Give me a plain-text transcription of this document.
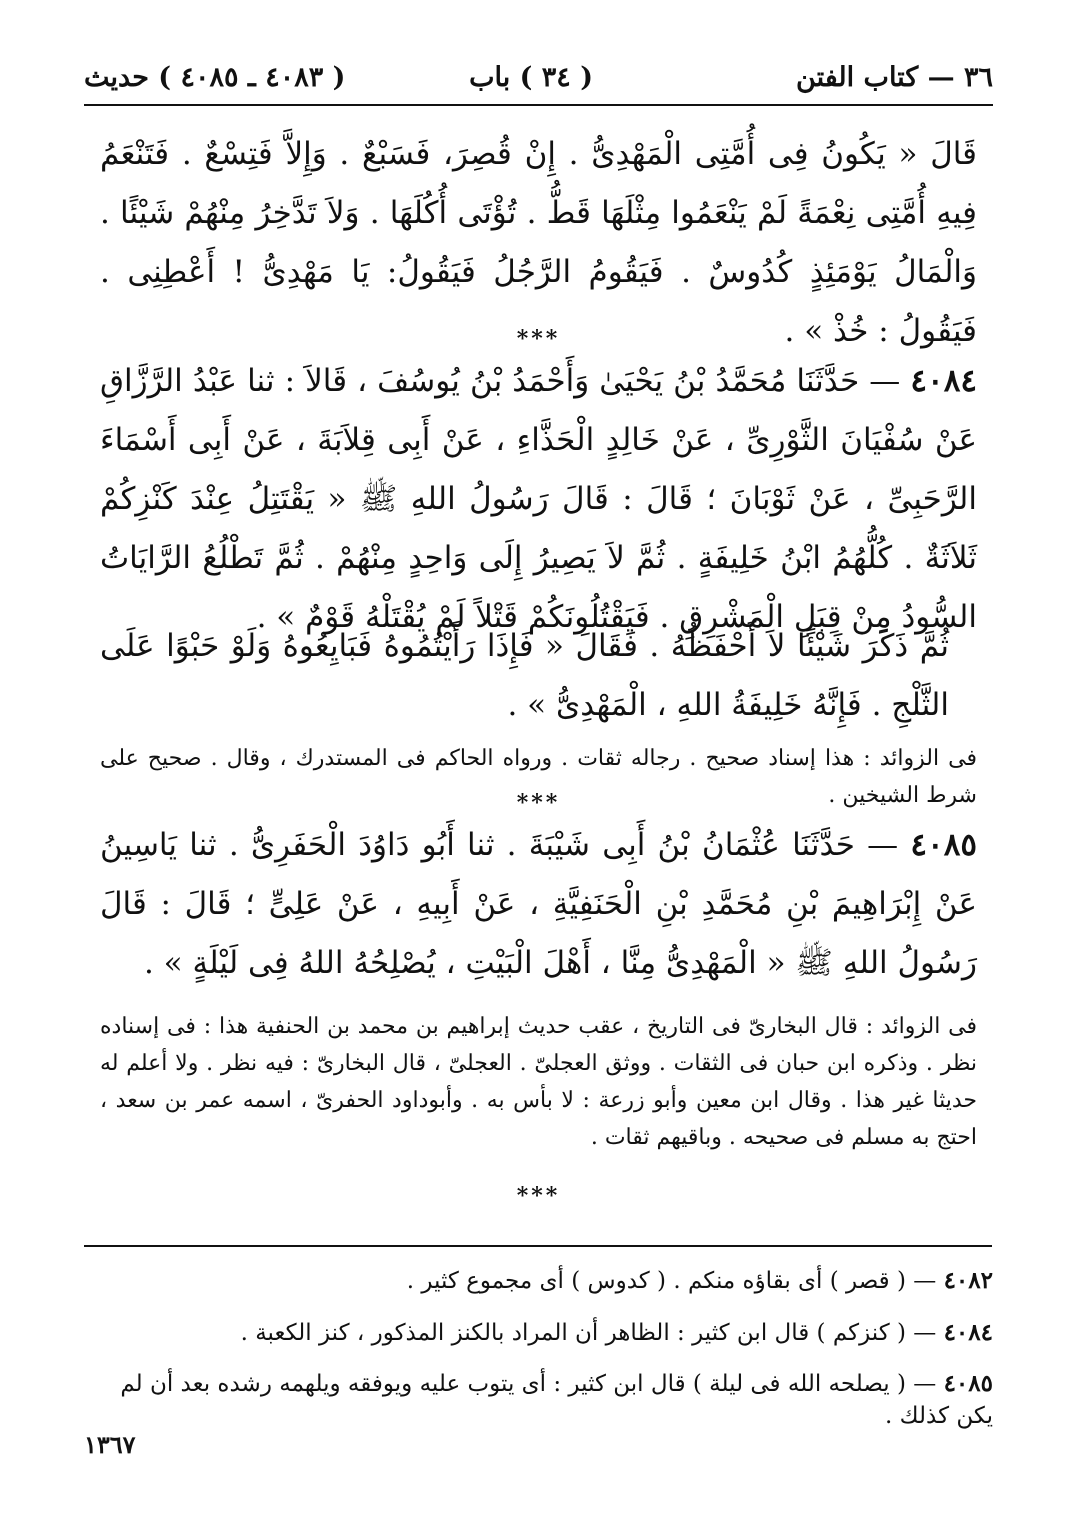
٣٦ — كتاب الفتن
( ٣٤ ) باب
( ٤٠٨٣ ـ ٤٠٨٥ ) حديث
قَالَ « يَكُونُ فِى أُمَّتِى الْمَهْدِىُّ . إِنْ قُصِرَ، فَسَبْعٌ . وَإِلاَّ فَتِسْعٌ . فَتَنْعَمُ فِيهِ أُمَّتِى نِعْمَةً لَمْ يَنْعَمُوا مِثْلَهَا قَطُّ . تُؤْتَى أُكُلَهَا . وَلاَ تَدَّخِرُ مِنْهُمْ شَيْئًا . وَالْمَالُ يَوْمَئِذٍ كُدُوسٌ . فَيَقُومُ الرَّجُلُ فَيَقُولُ: يَا مَهْدِىُّ ! أَعْطِنِى . فَيَقُولُ : خُذْ » .
***
٤٠٨٤ — حَدَّثَنَا مُحَمَّدُ بْنُ يَحْيَىٰ وَأَحْمَدُ بْنُ يُوسُفَ ، قَالاَ : ثنا عَبْدُ الرَّزَّاقِ عَنْ سُفْيَانَ الثَّوْرِىِّ ، عَنْ خَالِدٍ الْحَذَّاءِ ، عَنْ أَبِى قِلاَبَةَ ، عَنْ أَبِى أَسْمَاءَ الرَّحَبِىِّ ، عَنْ ثَوْبَانَ ؛ قَالَ : قَالَ رَسُولُ اللهِ ﷺ « يَقْتَتِلُ عِنْدَ كَنْزِكُمْ ثَلاَثَةٌ . كُلُّهُمُ ابْنُ خَلِيفَةٍ . ثُمَّ لاَ يَصِيرُ إِلَى وَاحِدٍ مِنْهُمْ . ثُمَّ تَطْلُعُ الرَّايَاتُ السُّودُ مِنْ قِبَلِ الْمَشْرِقِ . فَيَقْتُلُونَكُمْ قَتْلاً لَمْ يُقْتَلْهُ قَوْمٌ » .
ثُمَّ ذَكَرَ شَيْئًا لاَ أَحْفَظُهُ . فَقَالَ « فَإِذَا رَأَيْتُمُوهُ فَبَايِعُوهُ وَلَوْ حَبْوًا عَلَى الثَّلْجِ . فَإِنَّهُ خَلِيفَةُ اللهِ ، الْمَهْدِىُّ » .
فى الزوائد : هذا إسناد صحيح . رجاله ثقات . ورواه الحاكم فى المستدرك ، وقال . صحيح على شرط الشيخين .
***
٤٠٨٥ — حَدَّثَنَا عُثْمَانُ بْنُ أَبِى شَيْبَةَ . ثنا أَبُو دَاوُدَ الْحَفَرِىُّ . ثنا يَاسِينُ عَنْ إِبْرَاهِيمَ بْنِ مُحَمَّدِ بْنِ الْحَنَفِيَّةِ ، عَنْ أَبِيهِ ، عَنْ عَلِىٍّ ؛ قَالَ : قَالَ رَسُولُ اللهِ ﷺ « الْمَهْدِىُّ مِنَّا ، أَهْلَ الْبَيْتِ ، يُصْلِحُهُ اللهُ فِى لَيْلَةٍ » .
فى الزوائد : قال البخارىّ فى التاريخ ، عقب حديث إبراهيم بن محمد بن الحنفية هذا : فى إسناده نظر . وذكره ابن حبان فى الثقات . ووثق العجلىّ . العجلىّ ، قال البخارىّ : فيه نظر . ولا أعلم له حديثا غير هذا . وقال ابن معين وأبو زرعة : لا بأس به . وأبوداود الحفرىّ ، اسمه عمر بن سعد ، احتج به مسلم فى صحيحه . وباقيهم ثقات .
***
٤٠٨٢ — ( قصر ) أى بقاؤه منكم . ( كدوس ) أى مجموع كثير .
٤٠٨٤ — ( كنزكم ) قال ابن كثير : الظاهر أن المراد بالكنز المذكور ، كنز الكعبة .
٤٠٨٥ — ( يصلحه الله فى ليلة ) قال ابن كثير : أى يتوب عليه ويوفقه ويلهمه رشده بعد أن لم يكن كذلك .
١٣٦٧
